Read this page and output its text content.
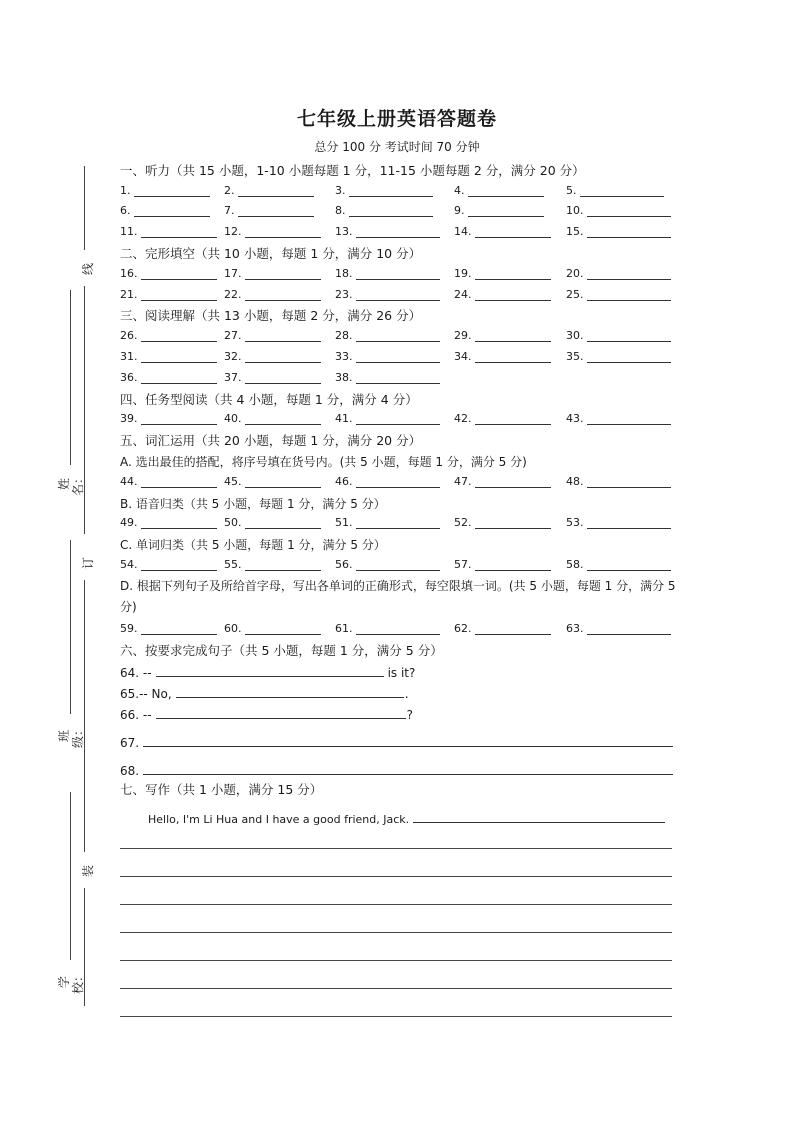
七年级上册英语答题卷
总分 100 分 考试时间 70 分钟
线
姓名：
订
班级：
装
学校：
一、听力（共 15 小题，1-10 小题每题 1 分，11-15 小题每题 2 分，满分 20 分）
1.	2.	3.	4.	5.
6.	7.	8.	9.	10.
11.	12.	13.	14.	15.
二、完形填空（共 10 小题，每题 1 分，满分 10 分）
16.	17.	18.	19.	20.
21.	22.	23.	24.	25.
三、阅读理解（共 13 小题，每题 2 分，满分 26 分）
26.	27.	28.	29.	30.
31.	32.	33.	34.	35.
36.	37.	38.
四、任务型阅读（共 4 小题，每题 1 分，满分 4 分）
39.	40.	41.	42.	43.
五、词汇运用（共 20 小题，每题 1 分，满分 20 分）
A. 选出最佳的搭配，将序号填在货号内。(共 5 小题，每题 1 分，满分 5 分)
44.	45.	46.	47.	48.
B. 语音归类（共 5 小题，每题 1 分，满分 5 分）
49.	50.	51.	52.	53.
C. 单词归类（共 5 小题，每题 1 分，满分 5 分）
54.	55.	56.	57.	58.
D. 根据下列句子及所给首字母，写出各单词的正确形式，每空限填一词。(共 5 小题，每题 1 分，满分 5 分)
59.	60.	61.	62.	63.
六、按要求完成句子（共 5 小题，每题 1 分，满分 5 分）
64. --	is it?
65.-- No,	.
66. --	?
67.
68.
七、写作（共 1 小题，满分 15 分）
Hello, I'm Li Hua and I have a good friend, Jack.
